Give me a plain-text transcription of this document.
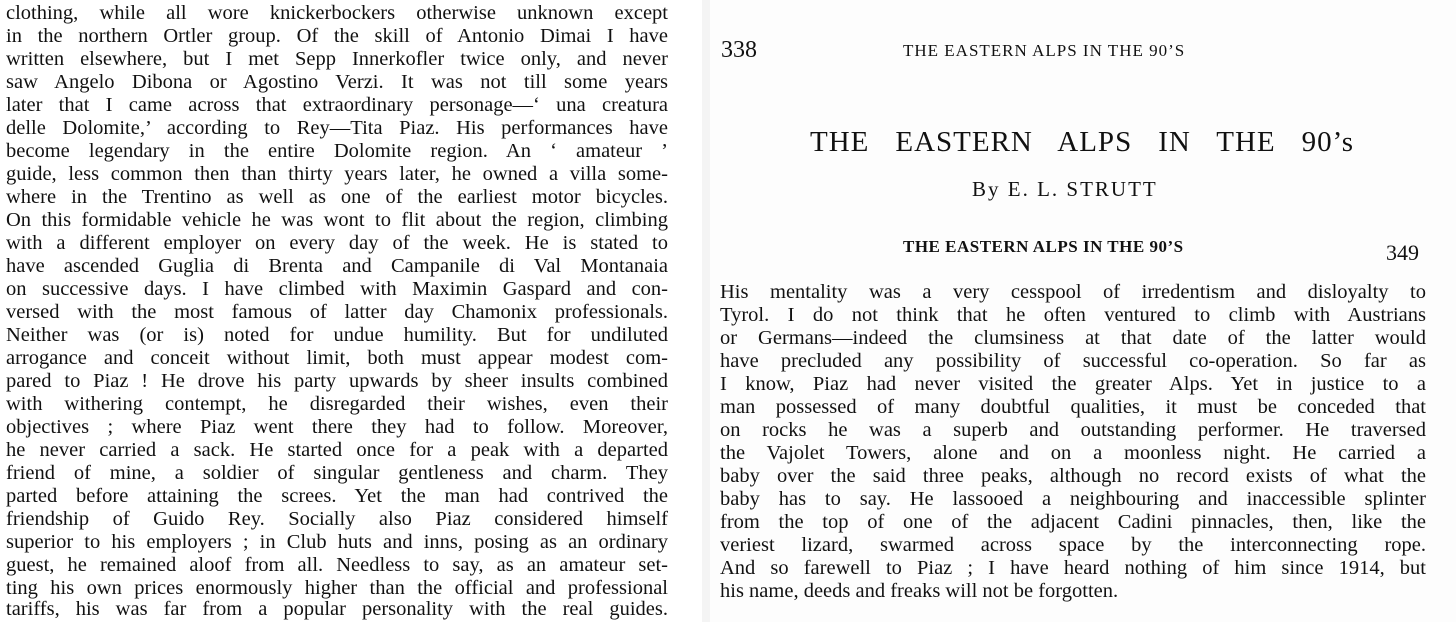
clothing, while all wore knickerbockers otherwise unknown except
in the northern Ortler group. Of the skill of Antonio Dimai I have
written elsewhere, but I met Sepp Innerkofler twice only, and never
saw Angelo Dibona or Agostino Verzi. It was not till some years
later that I came across that extraordinary personage—‘ una creatura
delle Dolomite,’ according to Rey—Tita Piaz. His performances have
become legendary in the entire Dolomite region. An ‘ amateur ’
guide, less common then than thirty years later, he owned a villa some-
where in the Trentino as well as one of the earliest motor bicycles.
On this formidable vehicle he was wont to flit about the region, climbing
with a different employer on every day of the week. He is stated to
have ascended Guglia di Brenta and Campanile di Val Montanaia
on successive days. I have climbed with Maximin Gaspard and con-
versed with the most famous of latter day Chamonix professionals.
Neither was (or is) noted for undue humility. But for undiluted
arrogance and conceit without limit, both must appear modest com-
pared to Piaz ! He drove his party upwards by sheer insults combined
with withering contempt, he disregarded their wishes, even their
objectives ; where Piaz went there they had to follow. Moreover,
he never carried a sack. He started once for a peak with a departed
friend of mine, a soldier of singular gentleness and charm. They
parted before attaining the screes. Yet the man had contrived the
friendship of Guido Rey. Socially also Piaz considered himself
superior to his employers ; in Club huts and inns, posing as an ordinary
guest, he remained aloof from all. Needless to say, as an amateur set-
ting his own prices enormously higher than the official and professional
tariffs, his was far from a popular personality with the real guides.
338	THE EASTERN ALPS IN THE 90’S
THE EASTERN ALPS IN THE 90’s
By E. L. STRUTT
THE EASTERN ALPS IN THE 90’S	349
His mentality was a very cesspool of irredentism and disloyalty to
Tyrol. I do not think that he often ventured to climb with Austrians
or Germans—indeed the clumsiness at that date of the latter would
have precluded any possibility of successful co-operation. So far as
I know, Piaz had never visited the greater Alps. Yet in justice to a
man possessed of many doubtful qualities, it must be conceded that
on rocks he was a superb and outstanding performer. He traversed
the Vajolet Towers, alone and on a moonless night. He carried a
baby over the said three peaks, although no record exists of what the
baby has to say. He lassooed a neighbouring and inaccessible splinter
from the top of one of the adjacent Cadini pinnacles, then, like the
veriest lizard, swarmed across space by the interconnecting rope.
And so farewell to Piaz ; I have heard nothing of him since 1914, but
his name, deeds and freaks will not be forgotten.
